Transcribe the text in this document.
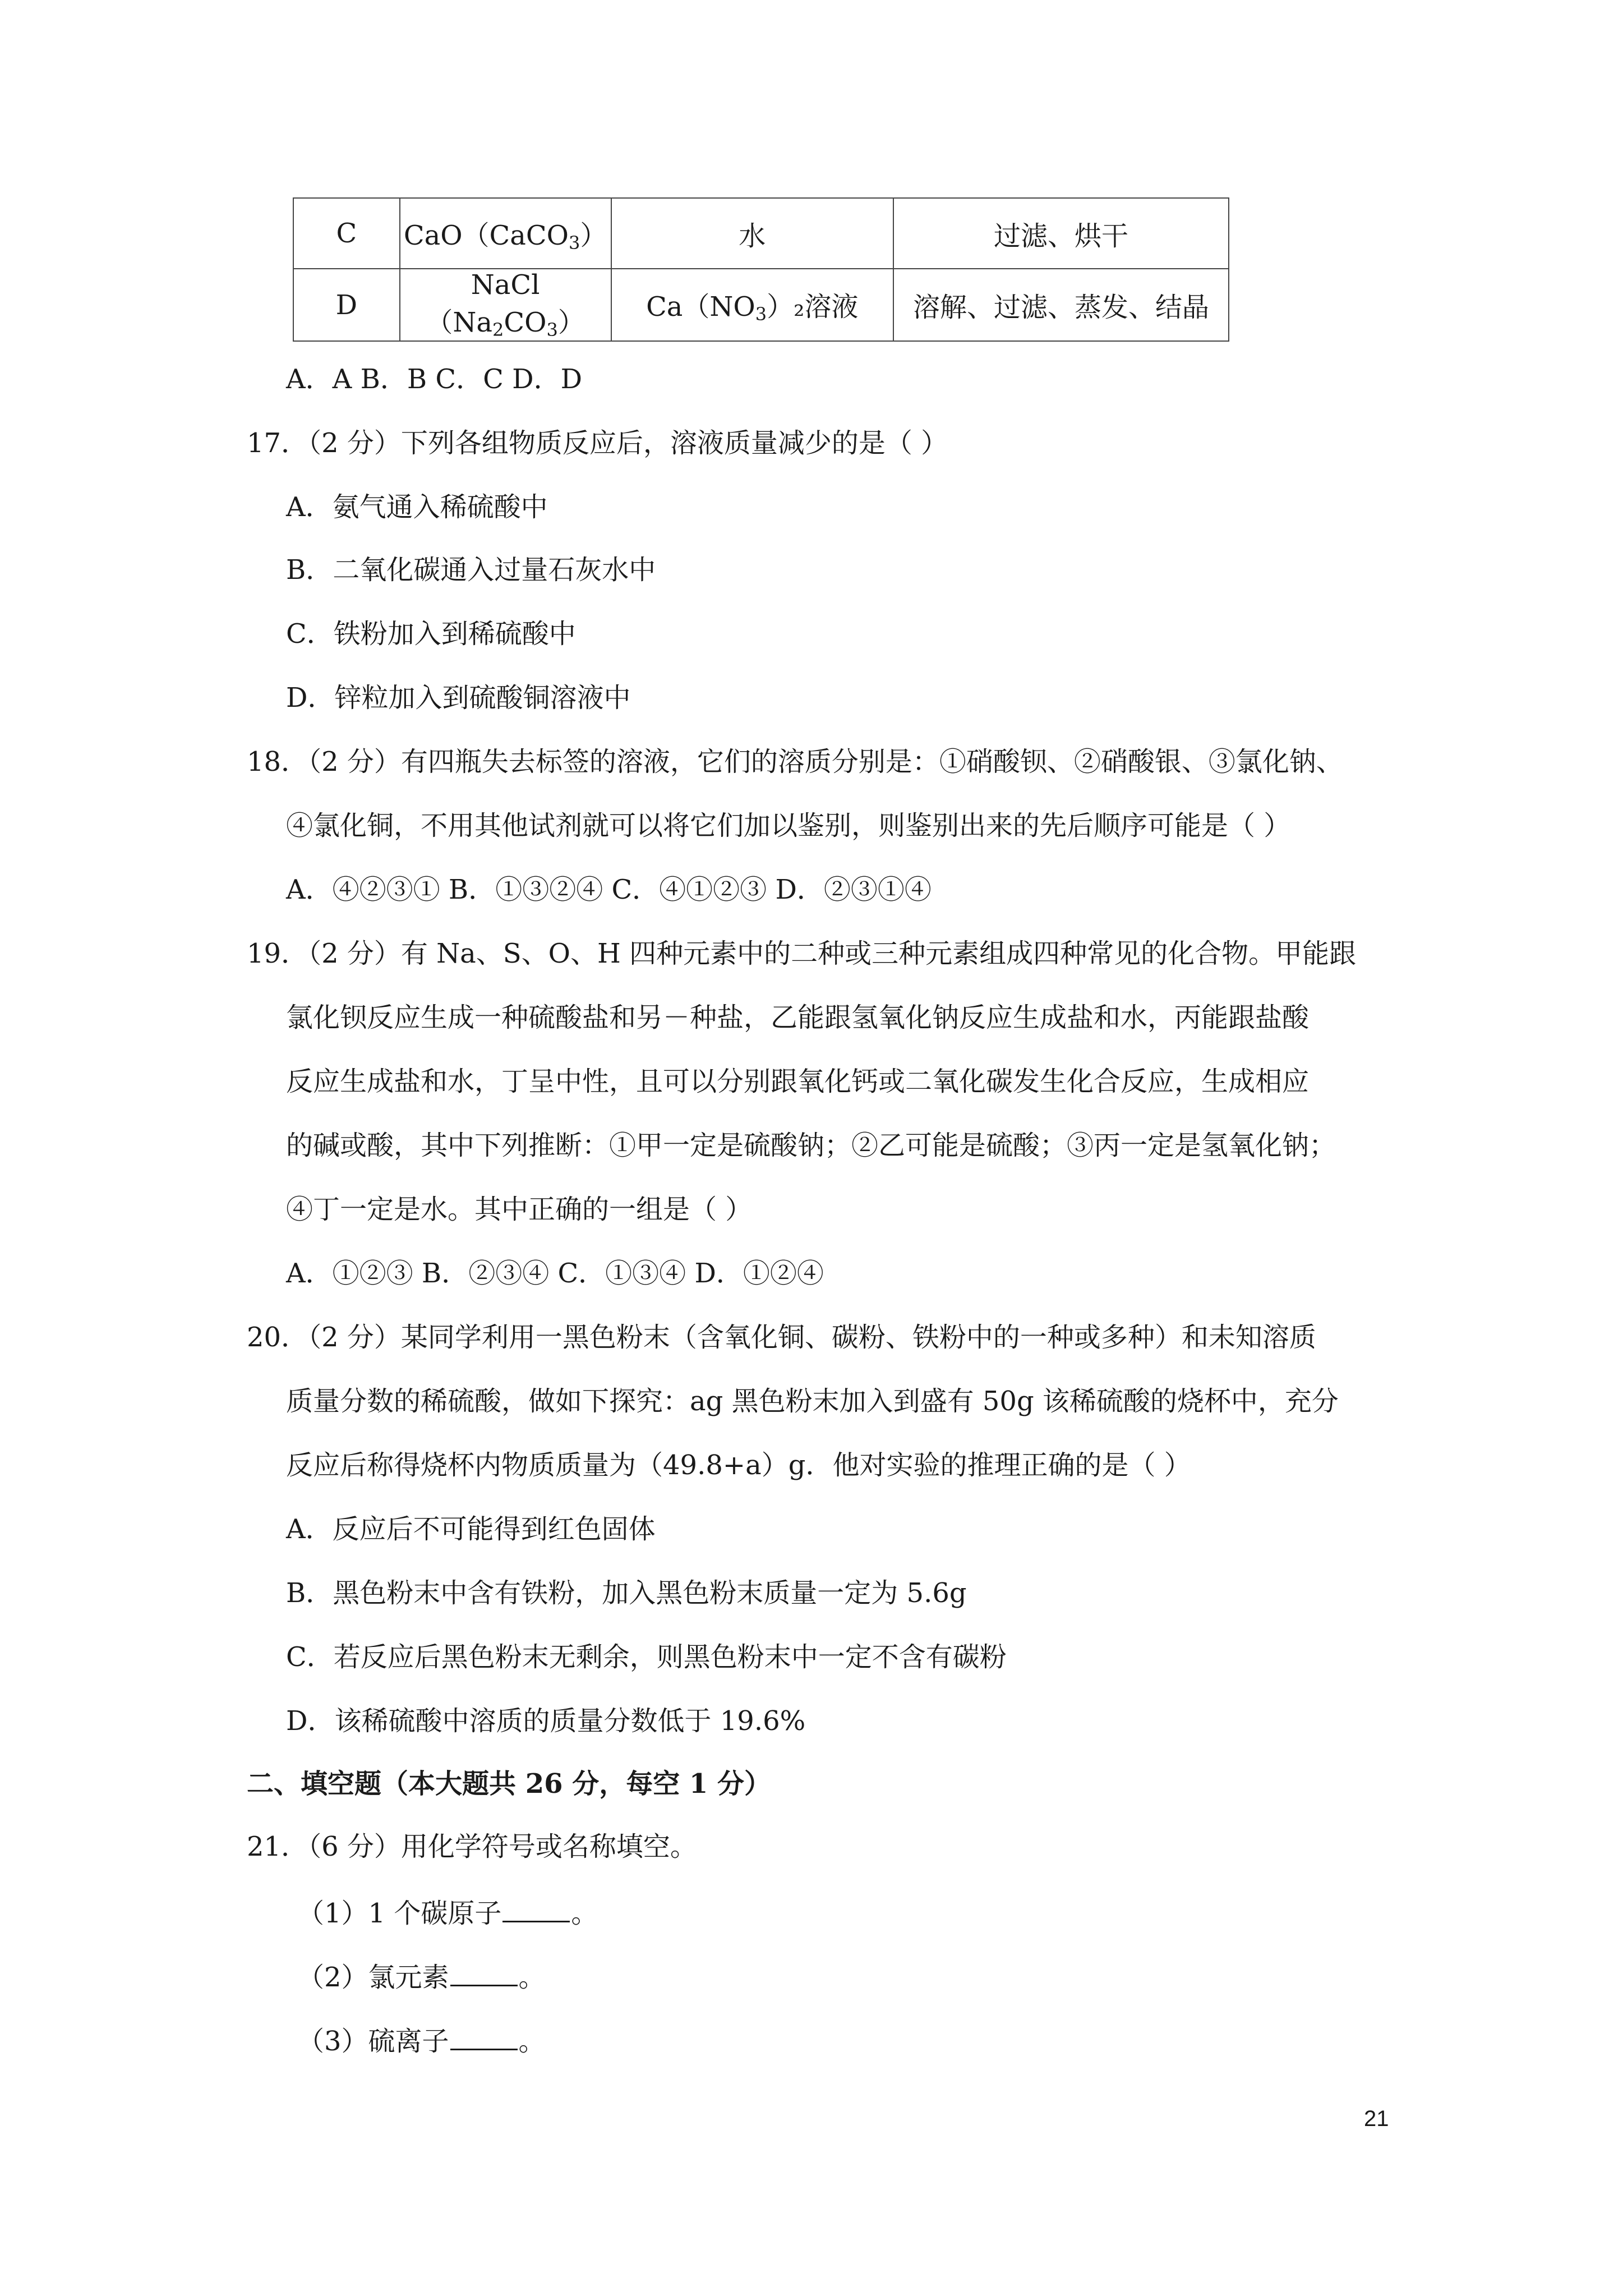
C	CaO（CaCO$_3$）	水	过滤、烘干
D	$NaCl(Na_2CO_3)$	$Ca(NO_3)_2$溶液	溶解、过滤、蒸发、结晶
A．A B．B C．C D．D
17．（2 分）下列各组物质反应后，溶液质量减少的是（ ）
A．氨气通入稀硫酸中
B．二氧化碳通入过量石灰水中
C．铁粉加入到稀硫酸中
D．锌粒加入到硫酸铜溶液中
18．（2 分）有四瓶失去标签的溶液，它们的溶质分别是：①硝酸钡、②硝酸银、③氯化钠、
④氯化铜，不用其他试剂就可以将它们加以鉴别，则鉴别出来的先后顺序可能是（ ）
A．④②③① B．①③②④ C．④①②③ D．②③①④
19．（2 分）有 Na、S、O、H 四种元素中的二种或三种元素组成四种常见的化合物。甲能跟
氯化钡反应生成一种硫酸盐和另－种盐，乙能跟氢氧化钠反应生成盐和水，丙能跟盐酸
反应生成盐和水，丁呈中性，且可以分别跟氧化钙或二氧化碳发生化合反应，生成相应
的碱或酸，其中下列推断：①甲一定是硫酸钠；②乙可能是硫酸；③丙一定是氢氧化钠；
④丁一定是水。其中正确的一组是（ ）
A．①②③ B．②③④ C．①③④ D．①②④
20．（2 分）某同学利用一黑色粉末（含氧化铜、碳粉、铁粉中的一种或多种）和未知溶质
质量分数的稀硫酸，做如下探究：ag 黑色粉末加入到盛有 50g 该稀硫酸的烧杯中，充分
反应后称得烧杯内物质质量为（49.8+a）g．他对实验的推理正确的是（ ）
A．反应后不可能得到红色固体
B．黑色粉末中含有铁粉，加入黑色粉末质量一定为 5.6g
C．若反应后黑色粉末无剩余，则黑色粉末中一定不含有碳粉
D．该稀硫酸中溶质的质量分数低于 19.6%
二、填空题（本大题共 26 分，每空 1 分）
21．（6 分）用化学符号或名称填空。
（1）1 个碳原子	。
（2）氯元素	。
（3）硫离子	。
21
